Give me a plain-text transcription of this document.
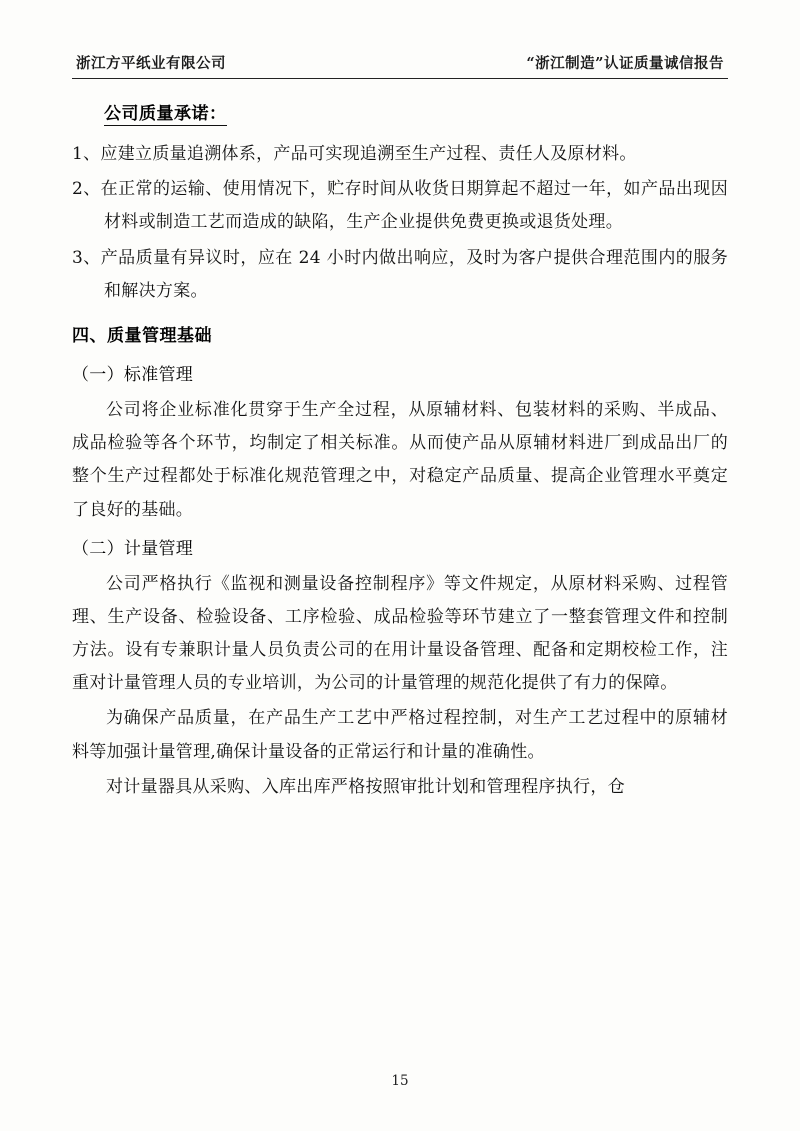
浙江方平纸业有限公司	“浙江制造”认证质量诚信报告
公司质量承诺：

1、应建立质量追溯体系，产品可实现追溯至生产过程、责任人及原材料。

2、在正常的运输、使用情况下，贮存时间从收货日期算起不超过一年，如产品出现因材料或制造工艺而造成的缺陷，生产企业提供免费更换或退货处理。

3、产品质量有异议时，应在 24 小时内做出响应，及时为客户提供合理范围内的服务和解决方案。

四、质量管理基础

（一）标准管理

公司将企业标准化贯穿于生产全过程，从原辅材料、包装材料的采购、半成品、成品检验等各个环节，均制定了相关标准。从而使产品从原辅材料进厂到成品出厂的整个生产过程都处于标准化规范管理之中，对稳定产品质量、提高企业管理水平奠定了良好的基础。

（二）计量管理

公司严格执行《监视和测量设备控制程序》等文件规定，从原材料采购、过程管理、生产设备、检验设备、工序检验、成品检验等环节建立了一整套管理文件和控制方法。设有专兼职计量人员负责公司的在用计量设备管理、配备和定期校检工作，注重对计量管理人员的专业培训，为公司的计量管理的规范化提供了有力的保障。

为确保产品质量，在产品生产工艺中严格过程控制，对生产工艺过程中的原辅材料等加强计量管理,确保计量设备的正常运行和计量的准确性。

对计量器具从采购、入库出库严格按照审批计划和管理程序执行，仓

15
